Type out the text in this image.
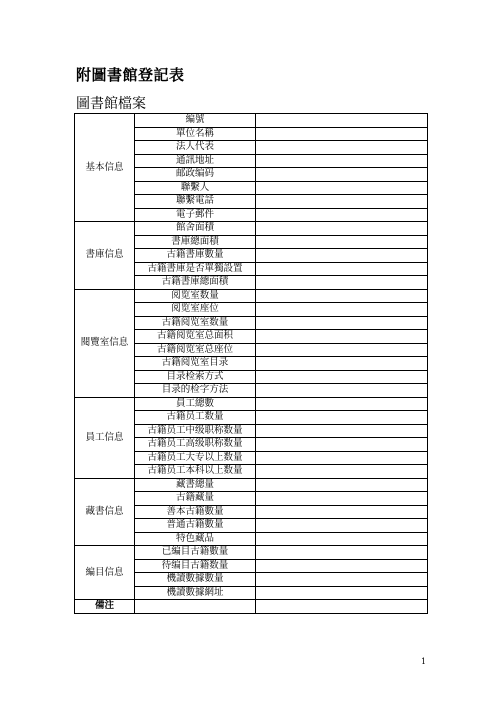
附圖書館登記表
圖書館檔案
基本信息	編號	
	單位名稱	
	法人代表	
	通訊地址	
	邮政编码	
	聯繫人	
	聯繫電話	
	電子郵件	
書庫信息	館舍面積	
	書庫總面積	
	古籍書庫數量	
	古籍書庫是否單獨設置	
	古籍書庫總面積	
閱覽室信息	阅览室数量	
	阅览室座位	
	古籍阅览室数量	
	古籍阅览室总面积	
	古籍阅览室总座位	
	古籍阅览室目录	
	目录检索方式	
	目录的检字方法	
員工信息	員工總數	
	古籍员工数量	
	古籍员工中级职称数量	
	古籍员工高级职称数量	
	古籍员工大专以上数量	
	古籍员工本科以上数量	
藏書信息	藏書總量	
	古籍藏量	
	善本古籍數量	
	普通古籍數量	
	特色藏品	
編目信息	已編目古籍數量	
	待编目古籍数量	
	機讀數據數量	
	機讀數據網址	
備注		
1
